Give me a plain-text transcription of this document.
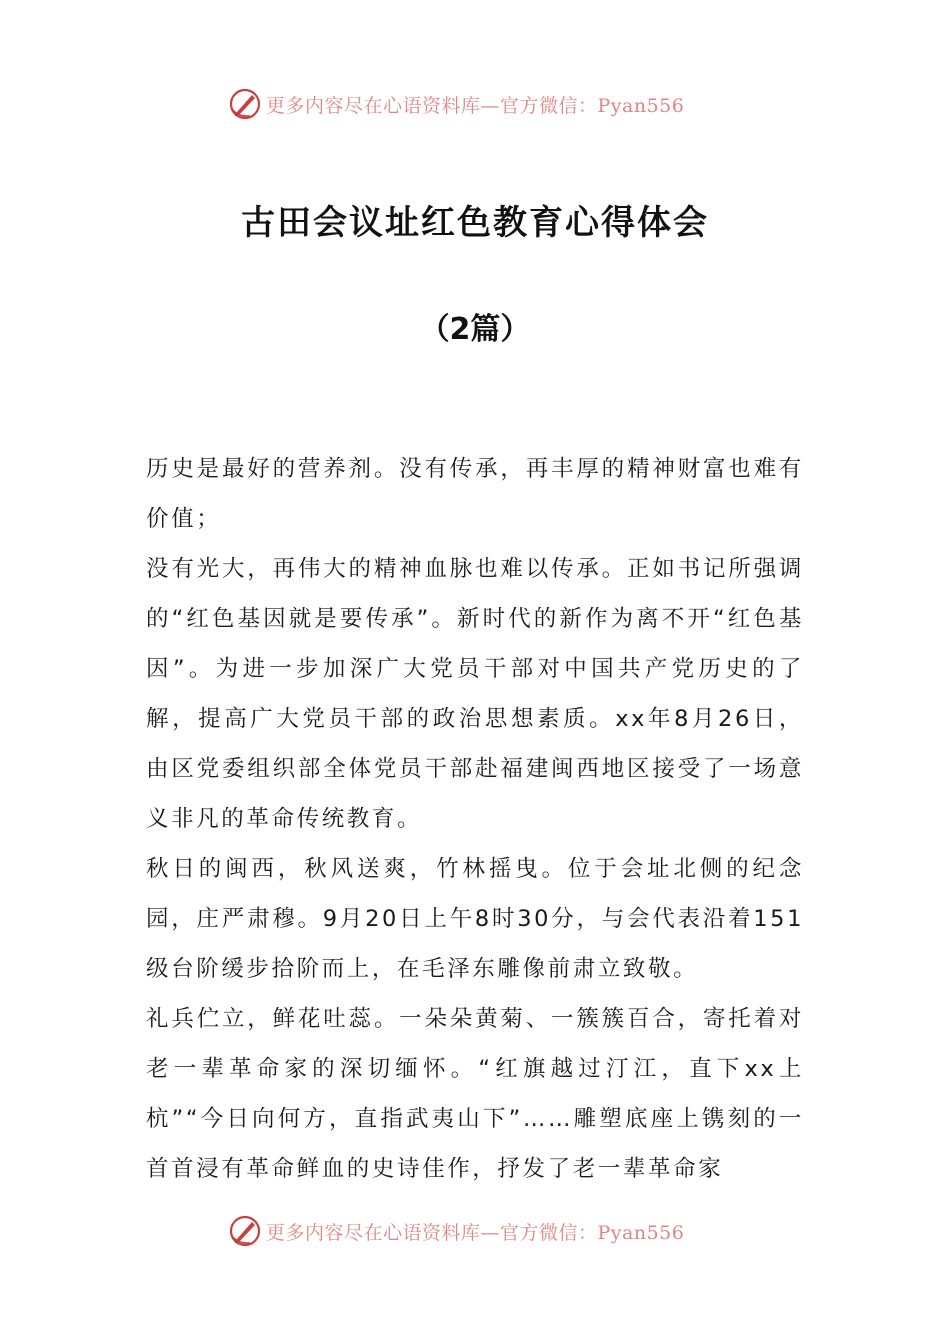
更多内容尽在心语资料库—官方微信：Pyan556
古田会议址红色教育心得体会
（2篇）

历史是最好的营养剂。没有传承，再丰厚的精神财富也难有价值；

没有光大，再伟大的精神血脉也难以传承。正如书记所强调的“红色基因就是要传承”。新时代的新作为离不开“红色基因”。为进一步加深广大党员干部对中国共产党历史的了解，提高广大党员干部的政治思想素质。xx年8月26日，由区党委组织部全体党员干部赴福建闽西地区接受了一场意义非凡的革命传统教育。

秋日的闽西，秋风送爽，竹林摇曳。位于会址北侧的纪念园，庄严肃穆。9月20日上午8时30分，与会代表沿着151级台阶缓步拾阶而上，在毛泽东雕像前肃立致敬。

礼兵伫立，鲜花吐蕊。一朵朵黄菊、一簇簇百合，寄托着对老一辈革命家的深切缅怀。“红旗越过汀江，直下xx上杭”“今日向何方，直指武夷山下”……雕塑底座上镌刻的一首首浸有革命鲜血的史诗佳作，抒发了老一辈革命家

更多内容尽在心语资料库—官方微信：Pyan556
